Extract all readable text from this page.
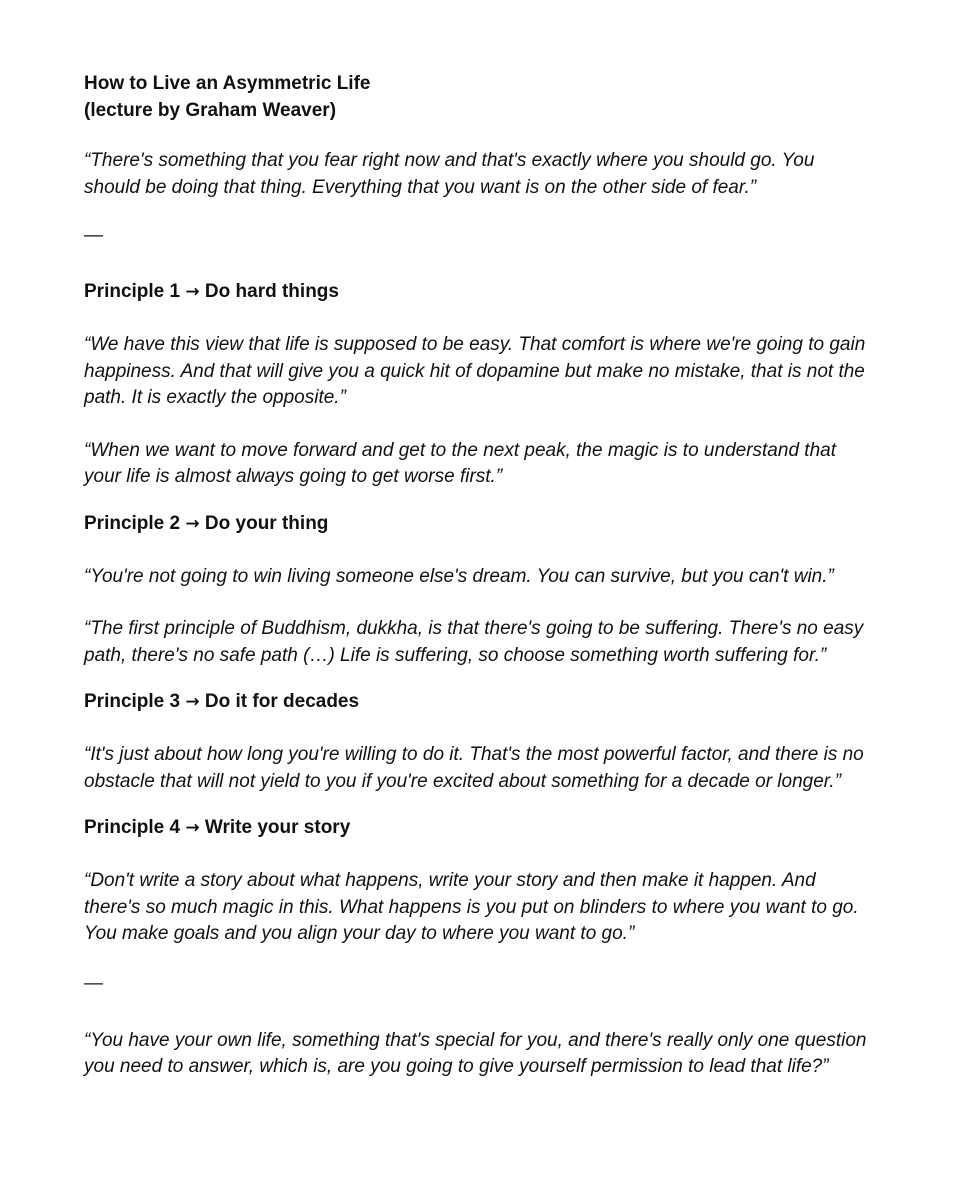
How to Live an Asymmetric Life

(lecture by Graham Weaver)

“There's something that you fear right now and that's exactly where you should go. You
should be doing that thing. Everything that you want is on the other side of fear.”

—

Principle 1 → Do hard things

“We have this view that life is supposed to be easy. That comfort is where we're going to gain
happiness. And that will give you a quick hit of dopamine but make no mistake, that is not the
path. It is exactly the opposite.”

“When we want to move forward and get to the next peak, the magic is to understand that
your life is almost always going to get worse first.”

Principle 2 → Do your thing

“You're not going to win living someone else's dream. You can survive, but you can't win.”

“The first principle of Buddhism, dukkha, is that there's going to be suffering. There's no easy
path, there's no safe path (…) Life is suffering, so choose something worth suffering for.”

Principle 3 → Do it for decades

“It's just about how long you're willing to do it. That's the most powerful factor, and there is no
obstacle that will not yield to you if you're excited about something for a decade or longer.”

Principle 4 → Write your story

“Don't write a story about what happens, write your story and then make it happen. And
there's so much magic in this. What happens is you put on blinders to where you want to go.
You make goals and you align your day to where you want to go.”

—

“You have your own life, something that's special for you, and there's really only one question
you need to answer, which is, are you going to give yourself permission to lead that life?”
